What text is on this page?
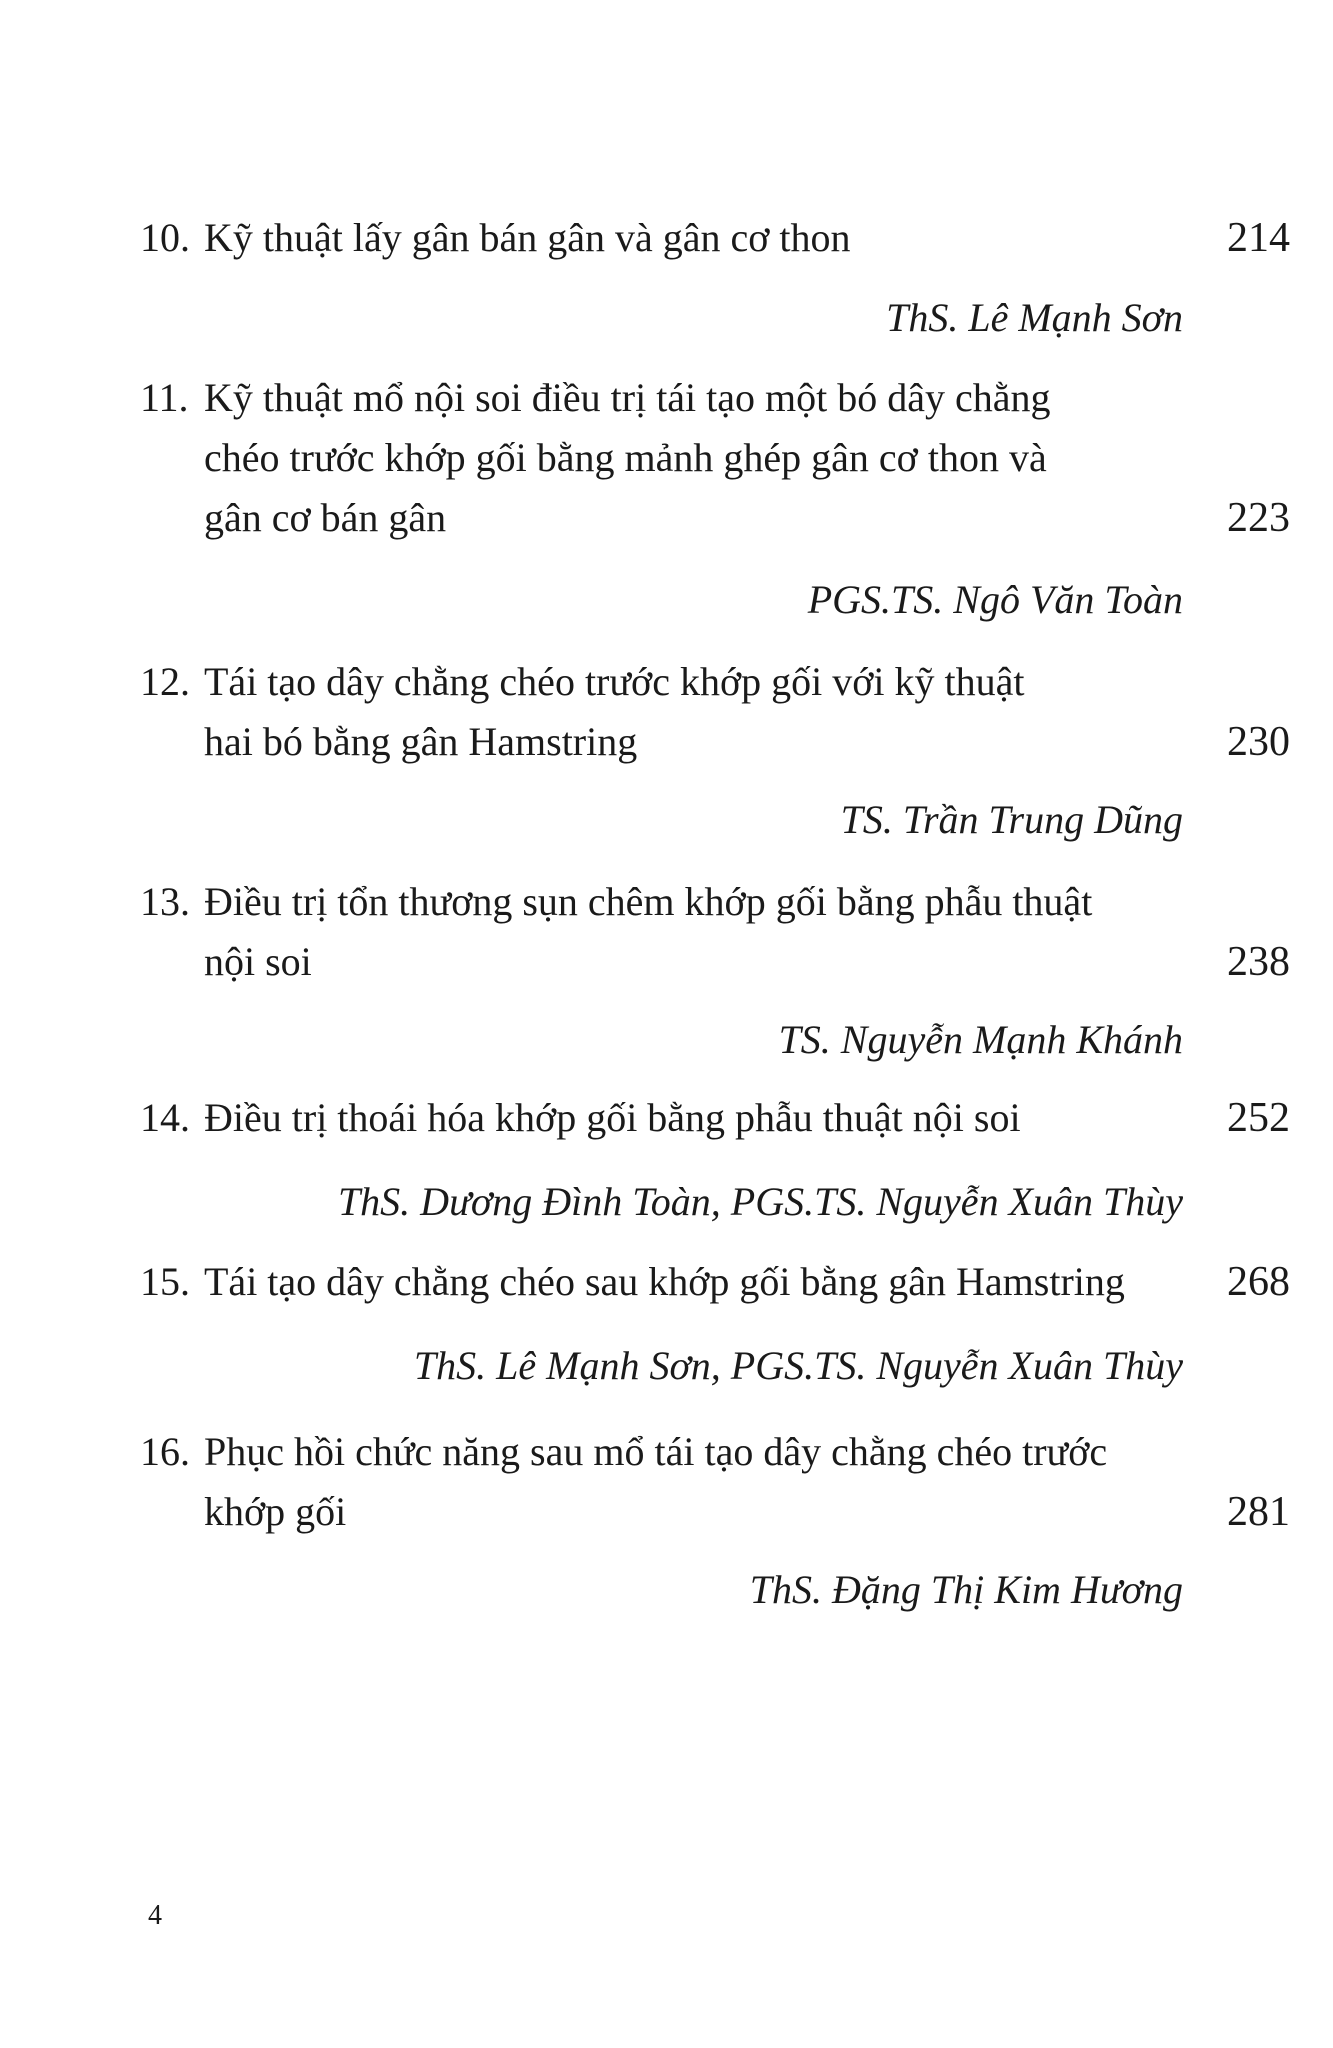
10. Kỹ thuật lấy gân bán gân và gân cơ thon	214
ThS. Lê Mạnh Sơn

11. Kỹ thuật mổ nội soi điều trị tái tạo một bó dây chằng
chéo trước khớp gối bằng mảnh ghép gân cơ thon và
gân cơ bán gân	223
PGS.TS. Ngô Văn Toàn

12. Tái tạo dây chằng chéo trước khớp gối với kỹ thuật
hai bó bằng gân Hamstring	230
TS. Trần Trung Dũng

13. Điều trị tổn thương sụn chêm khớp gối bằng phẫu thuật
nội soi	238
TS. Nguyễn Mạnh Khánh

14. Điều trị thoái hóa khớp gối bằng phẫu thuật nội soi	252
ThS. Dương Đình Toàn, PGS.TS. Nguyễn Xuân Thùy

15. Tái tạo dây chằng chéo sau khớp gối bằng gân Hamstring	268
ThS. Lê Mạnh Sơn, PGS.TS. Nguyễn Xuân Thùy

16. Phục hồi chức năng sau mổ tái tạo dây chằng chéo trước
khớp gối	281
ThS. Đặng Thị Kim Hương
4
